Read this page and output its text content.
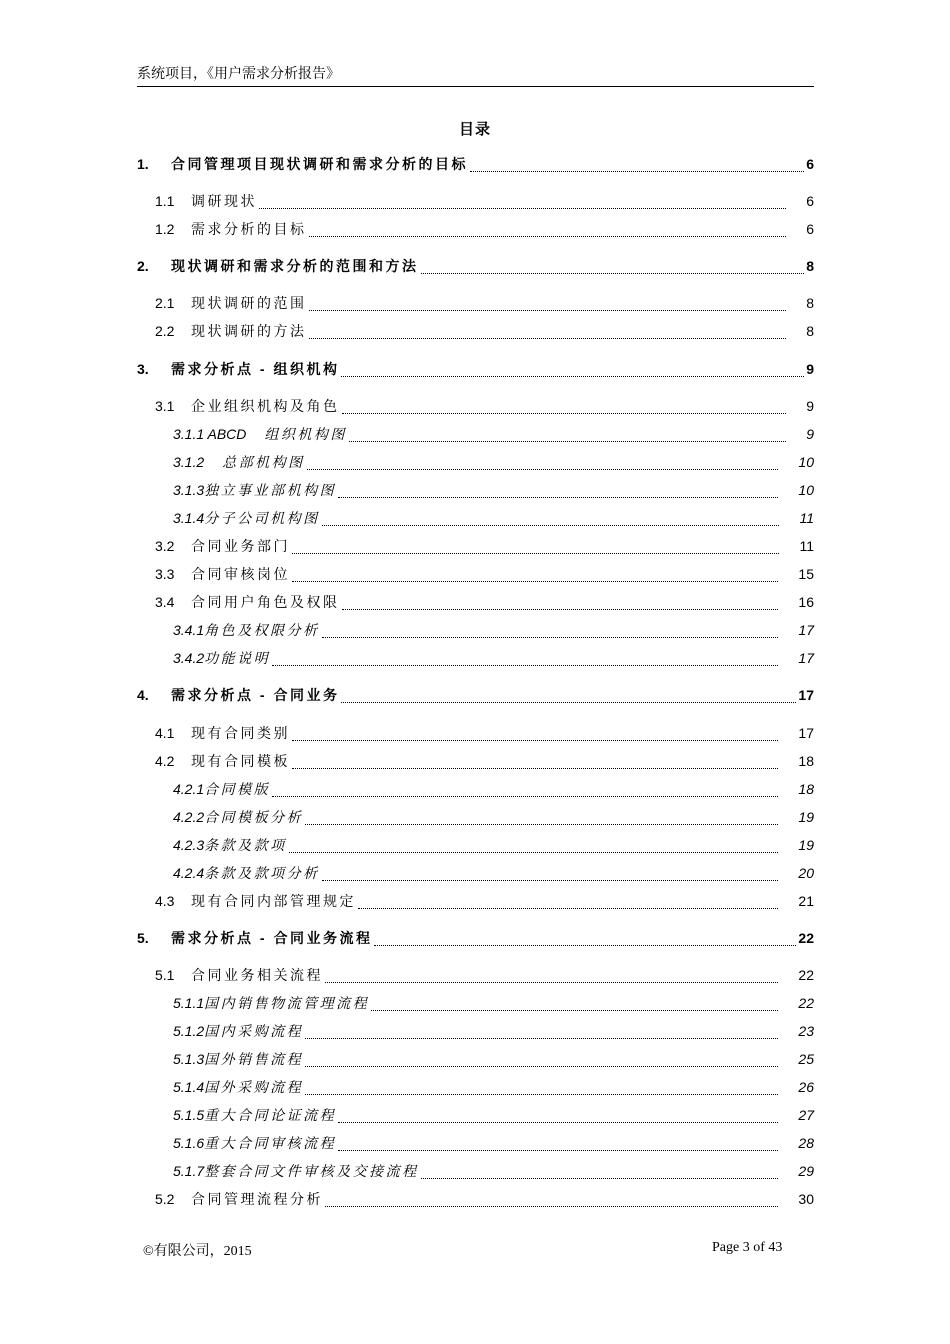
系统项目，《用户需求分析报告》
目录
1.	合同管理项目现状调研和需求分析的目标	6
1.1	调研现状	6
1.2	需求分析的目标	6
2.	现状调研和需求分析的范围和方法	8
2.1	现状调研的范围	8
2.2	现状调研的方法	8
3.	需求分析点 - 组织机构	9
3.1	企业组织机构及角色	9
3.1.1 ABCD 组织机构图	9
3.1.2 总部机构图	10
3.1.3 独立事业部机构图	10
3.1.4 分子公司机构图	11
3.2	合同业务部门	11
3.3	合同审核岗位	15
3.4	合同用户角色及权限	16
3.4.1 角色及权限分析	17
3.4.2 功能说明	17
4.	需求分析点 - 合同业务	17
4.1	现有合同类别	17
4.2	现有合同模板	18
4.2.1 合同模版	18
4.2.2 合同模板分析	19
4.2.3 条款及款项	19
4.2.4 条款及款项分析	20
4.3	现有合同内部管理规定	21
5.	需求分析点 - 合同业务流程	22
5.1	合同业务相关流程	22
5.1.1 国内销售物流管理流程	22
5.1.2 国内采购流程	23
5.1.3 国外销售流程	25
5.1.4 国外采购流程	26
5.1.5 重大合同论证流程	27
5.1.6 重大合同审核流程	28
5.1.7 整套合同文件审核及交接流程	29
5.2	合同管理流程分析	30
©有限公司，2015	Page 3 of 43
